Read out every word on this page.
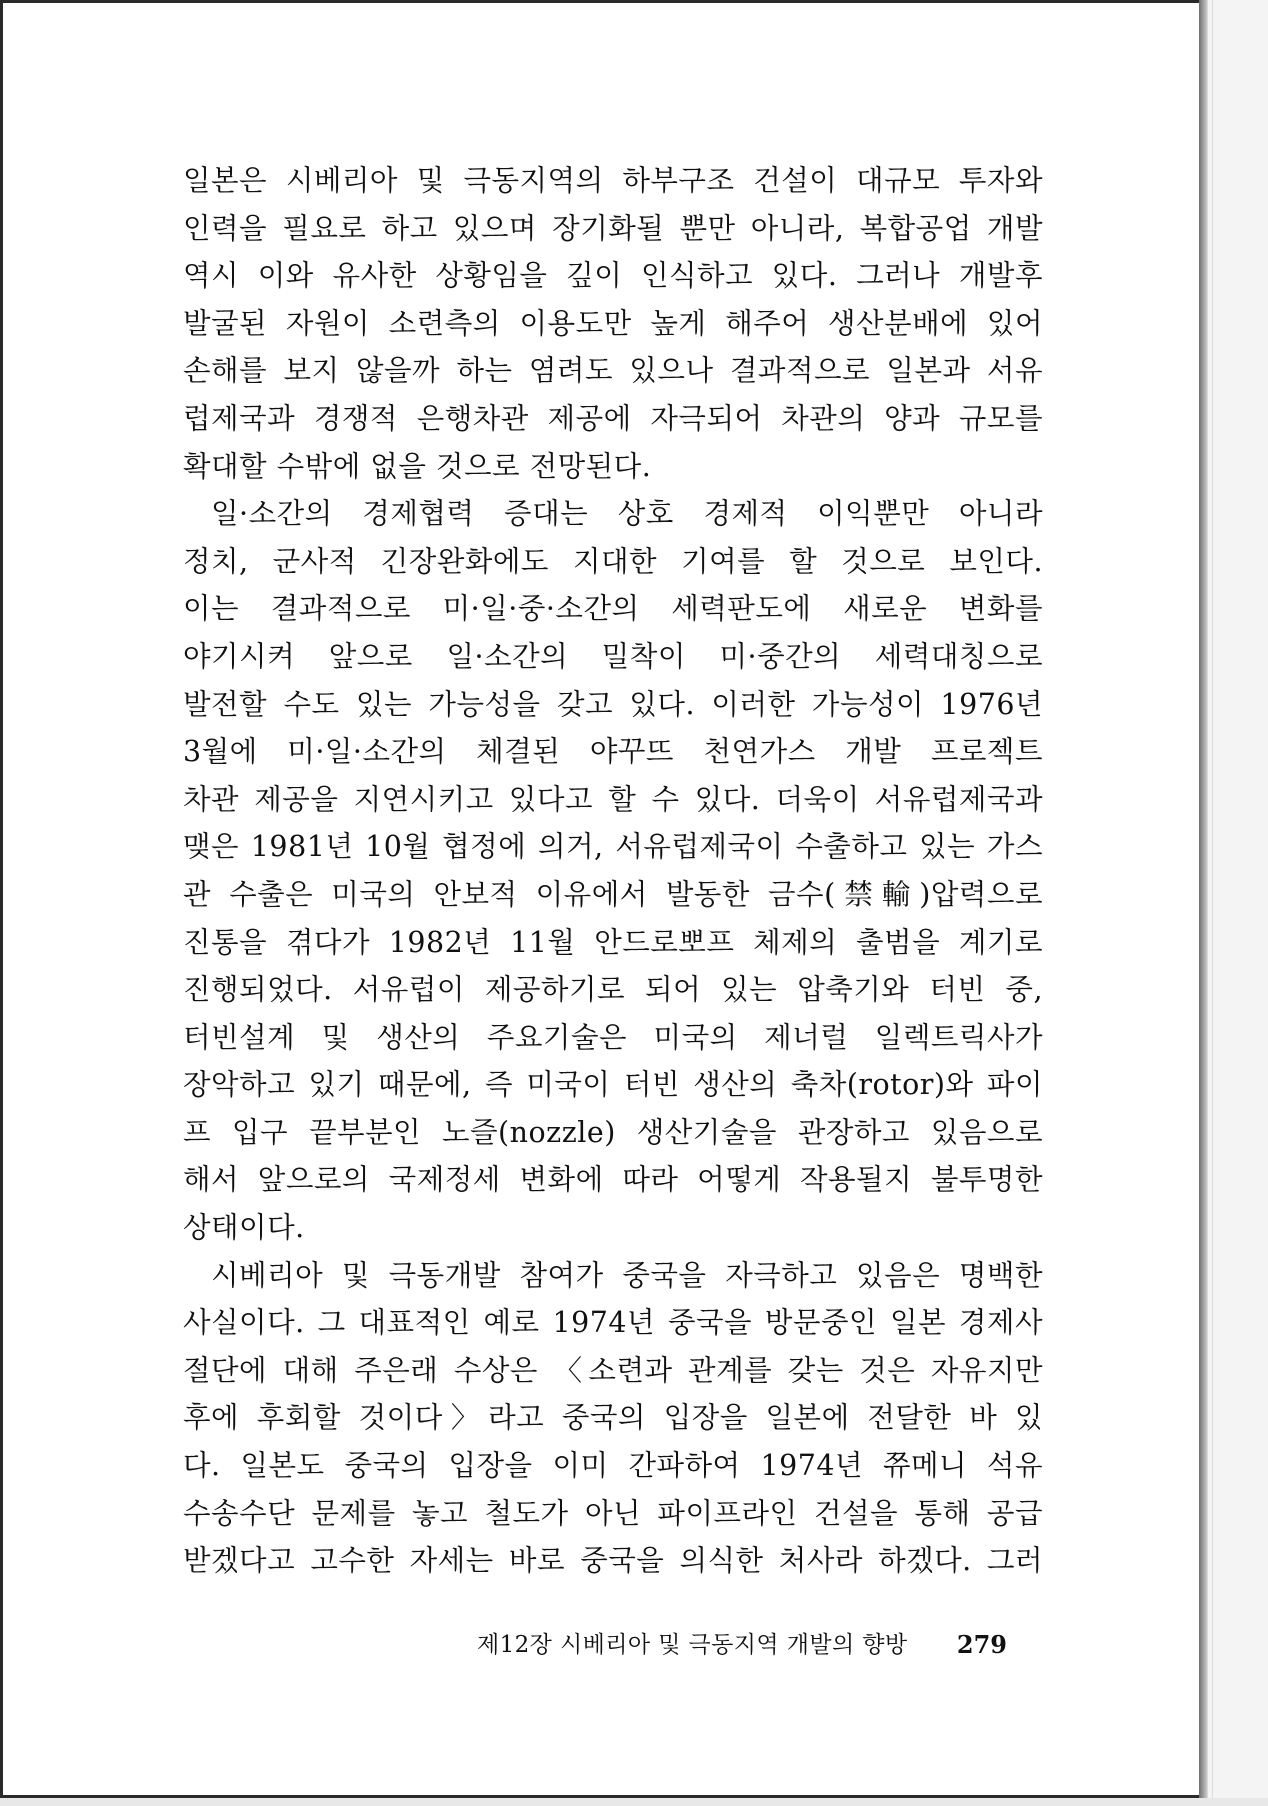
일본은 시베리아 및 극동지역의 하부구조 건설이 대규모 투자와
인력을 필요로 하고 있으며 장기화될 뿐만 아니라, 복합공업 개발
역시 이와 유사한 상황임을 깊이 인식하고 있다. 그러나 개발후
발굴된 자원이 소련측의 이용도만 높게 해주어 생산분배에 있어
손해를 보지 않을까 하는 염려도 있으나 결과적으로 일본과 서유
럽제국과 경쟁적 은행차관 제공에 자극되어 차관의 양과 규모를
확대할 수밖에 없을 것으로 전망된다.
일·소간의 경제협력 증대는 상호 경제적 이익뿐만 아니라
정치, 군사적 긴장완화에도 지대한 기여를 할 것으로 보인다.
이는 결과적으로 미·일·중·소간의 세력판도에 새로운 변화를
야기시켜 앞으로 일·소간의 밀착이 미·중간의 세력대칭으로
발전할 수도 있는 가능성을 갖고 있다. 이러한 가능성이 1976년
3월에 미·일·소간의 체결된 야꾸뜨 천연가스 개발 프로젝트
차관 제공을 지연시키고 있다고 할 수 있다. 더욱이 서유럽제국과
맺은 1981년 10월 협정에 의거, 서유럽제국이 수출하고 있는 가스
관 수출은 미국의 안보적 이유에서 발동한 금수(禁輸)압력으로
진통을 겪다가 1982년 11월 안드로뽀프 체제의 출범을 계기로
진행되었다. 서유럽이 제공하기로 되어 있는 압축기와 터빈 중,
터빈설계 및 생산의 주요기술은 미국의 제너럴 일렉트릭사가
장악하고 있기 때문에, 즉 미국이 터빈 생산의 축차(rotor)와 파이
프 입구 끝부분인 노즐(nozzle) 생산기술을 관장하고 있음으로
해서 앞으로의 국제정세 변화에 따라 어떻게 작용될지 불투명한
상태이다.
시베리아 및 극동개발 참여가 중국을 자극하고 있음은 명백한
사실이다. 그 대표적인 예로 1974년 중국을 방문중인 일본 경제사
절단에 대해 주은래 수상은 〈소련과 관계를 갖는 것은 자유지만
후에 후회할 것이다〉라고 중국의 입장을 일본에 전달한 바 있
다. 일본도 중국의 입장을 이미 간파하여 1974년 쮸메니 석유
수송수단 문제를 놓고 철도가 아닌 파이프라인 건설을 통해 공급
받겠다고 고수한 자세는 바로 중국을 의식한 처사라 하겠다. 그러
제12장 시베리아 및 극동지역 개발의 향방 279
